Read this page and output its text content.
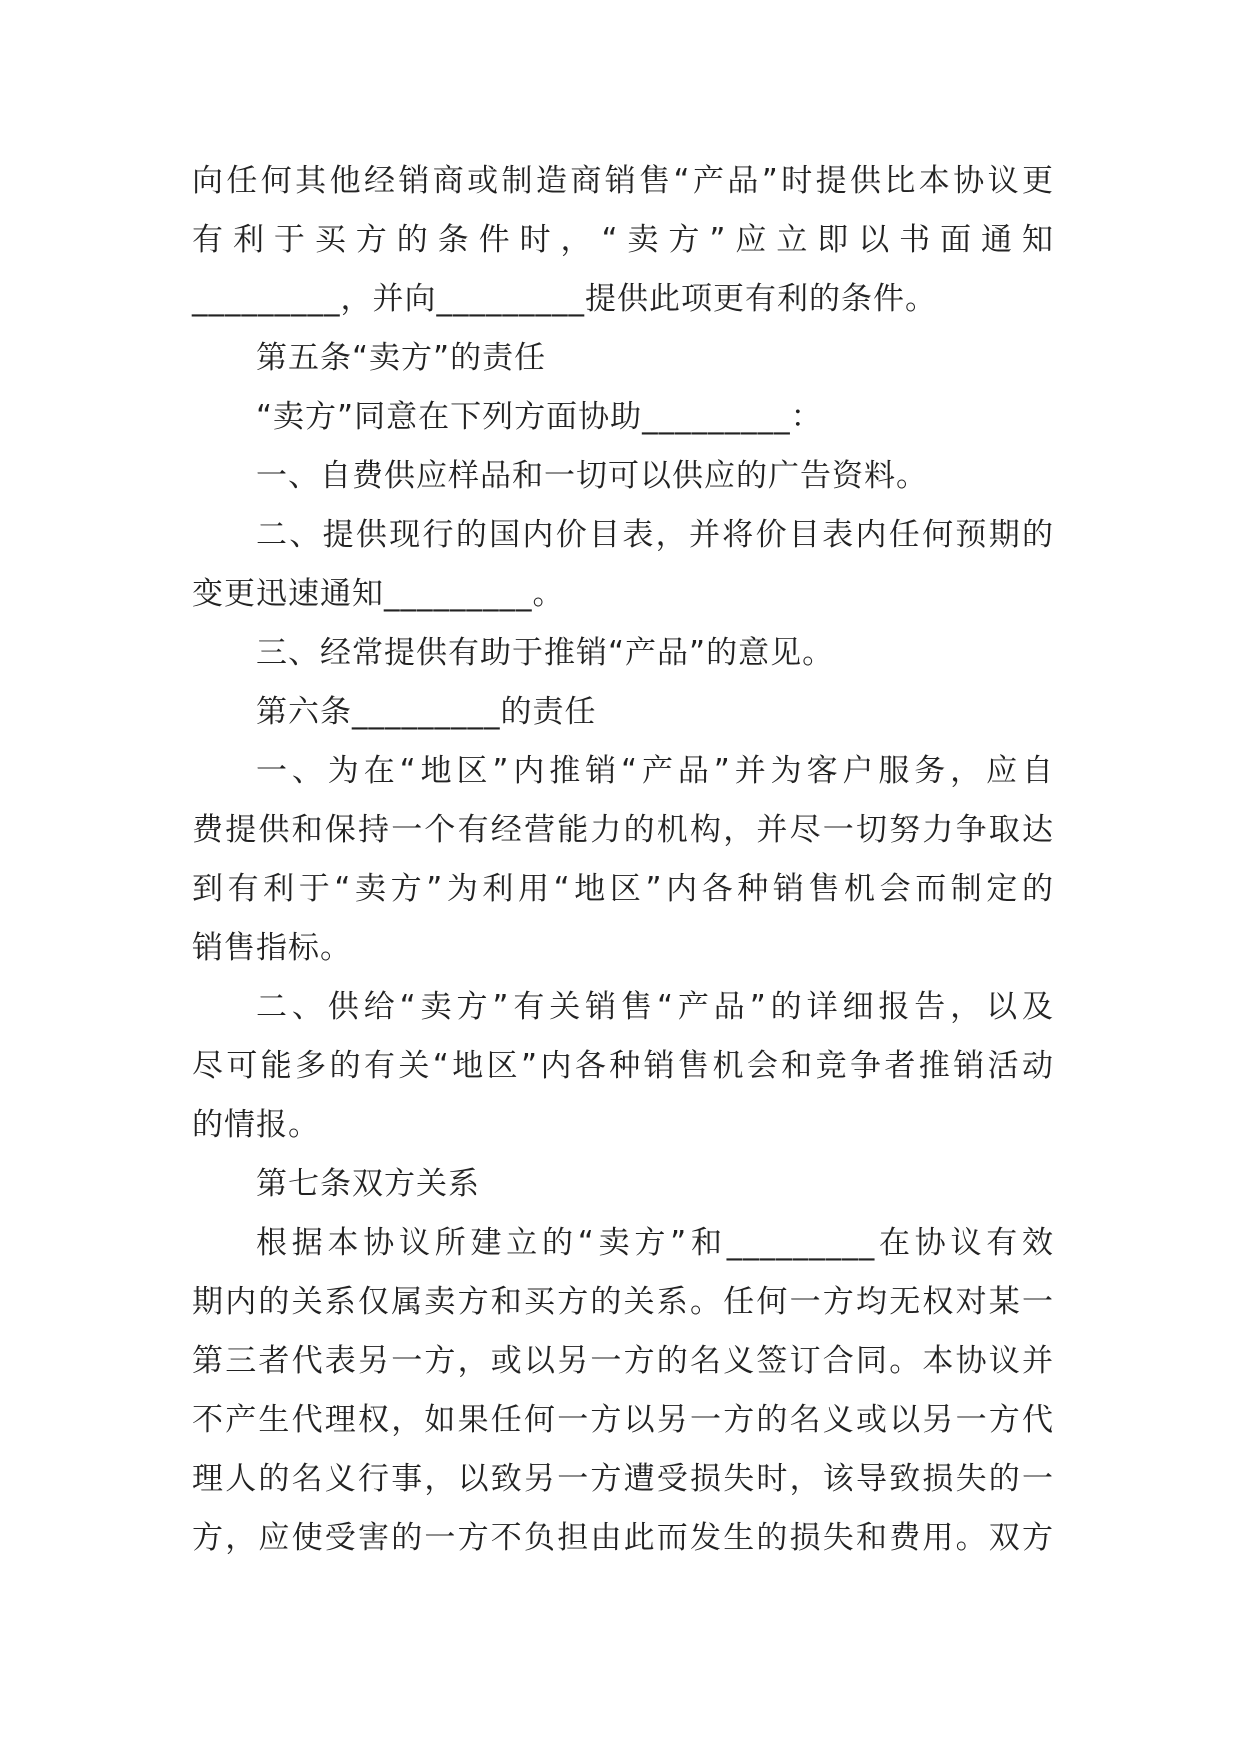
向任何其他经销商或制造商销售“产品”时提供比本协议更
有利于买方的条件时，“卖方”应立即以书面通知
_________，并向_________提供此项更有利的条件。
第五条“卖方”的责任
“卖方”同意在下列方面协助_________：
一、自费供应样品和一切可以供应的广告资料。
二、提供现行的国内价目表，并将价目表内任何预期的
变更迅速通知_________。
三、经常提供有助于推销“产品”的意见。
第六条_________的责任
一、为在“地区”内推销“产品”并为客户服务，应自
费提供和保持一个有经营能力的机构，并尽一切努力争取达
到有利于“卖方”为利用“地区”内各种销售机会而制定的
销售指标。
二、供给“卖方”有关销售“产品”的详细报告，以及
尽可能多的有关“地区”内各种销售机会和竞争者推销活动
的情报。
第七条双方关系
根据本协议所建立的“卖方”和_________在协议有效
期内的关系仅属卖方和买方的关系。任何一方均无权对某一
第三者代表另一方，或以另一方的名义签订合同。本协议并
不产生代理权，如果任何一方以另一方的名义或以另一方代
理人的名义行事，以致另一方遭受损失时，该导致损失的一
方，应使受害的一方不负担由此而发生的损失和费用。双方
